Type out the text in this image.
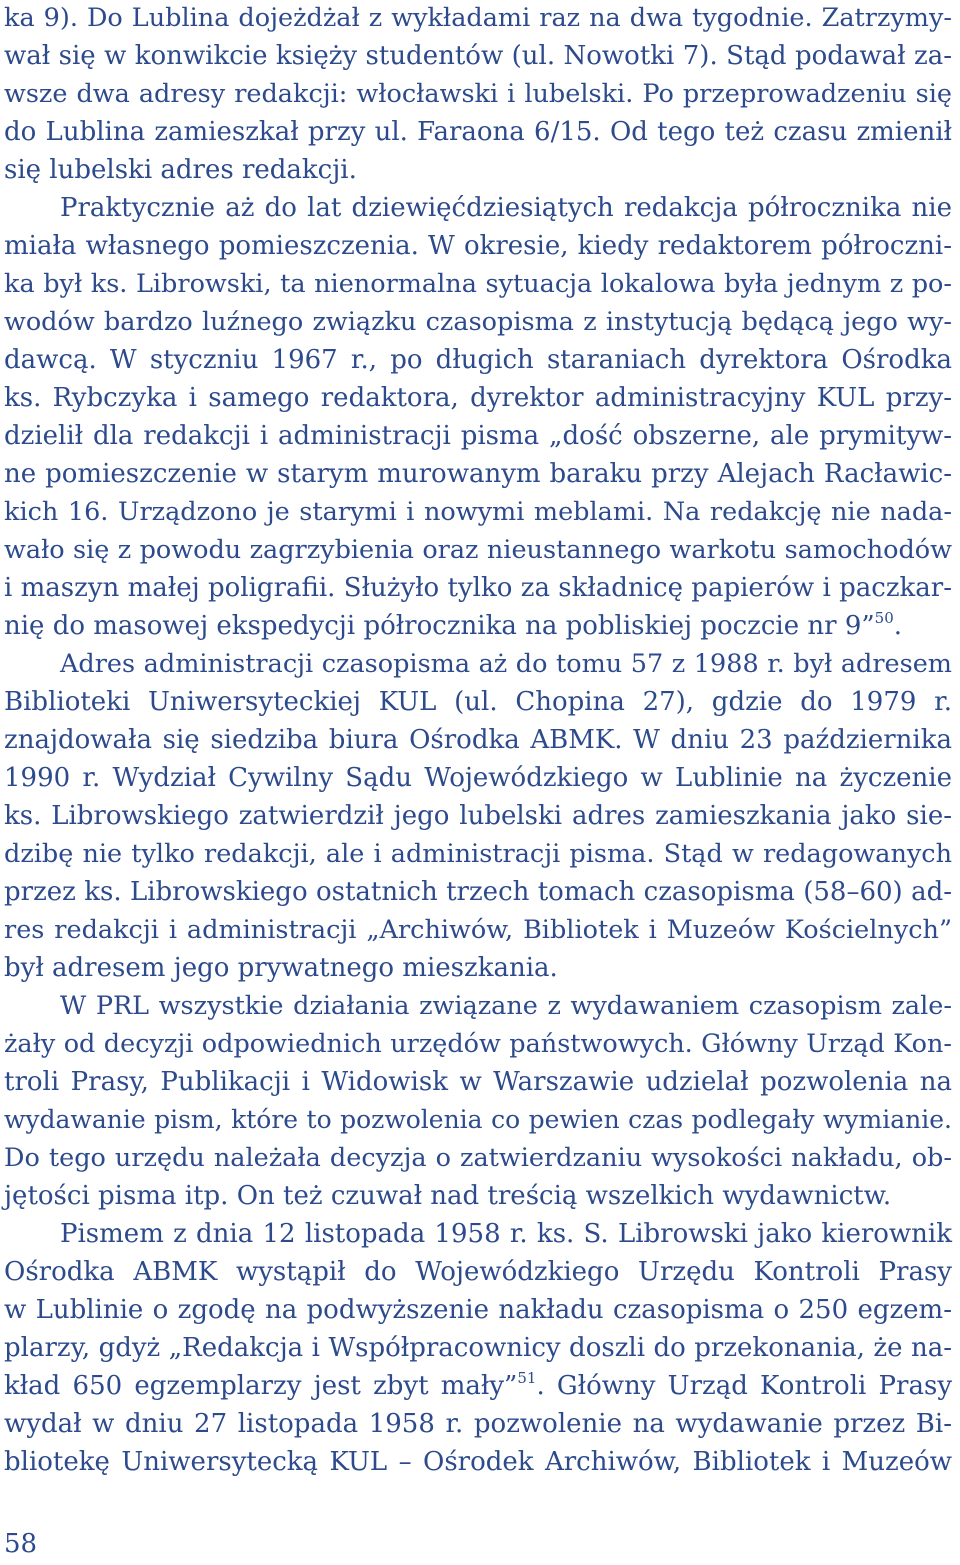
ka 9). Do Lublina dojeżdżał z wykładami raz na dwa tygodnie. Zatrzymy-
wał się w konwikcie księży studentów (ul. Nowotki 7). Stąd podawał za-
wsze dwa adresy redakcji: włocławski i lubelski. Po przeprowadzeniu się
do Lublina zamieszkał przy ul. Faraona 6/15. Od tego też czasu zmienił
się lubelski adres redakcji.
Praktycznie aż do lat dziewięćdziesiątych redakcja półrocznika nie
miała własnego pomieszczenia. W okresie, kiedy redaktorem półroczni-
ka był ks. Librowski, ta nienormalna sytuacja lokalowa była jednym z po-
wodów bardzo luźnego związku czasopisma z instytucją będącą jego wy-
dawcą. W styczniu 1967 r., po długich staraniach dyrektora Ośrodka
ks. Rybczyka i samego redaktora, dyrektor administracyjny KUL przy-
dzielił dla redakcji i administracji pisma „dość obszerne, ale prymityw-
ne pomieszczenie w starym murowanym baraku przy Alejach Racławic-
kich 16. Urządzono je starymi i nowymi meblami. Na redakcję nie nada-
wało się z powodu zagrzybienia oraz nieustannego warkotu samochodów
i maszyn małej poligrafii. Służyło tylko za składnicę papierów i paczkar-
nię do masowej ekspedycji półrocznika na pobliskiej poczcie nr 9”$^{50}$.
Adres administracji czasopisma aż do tomu 57 z 1988 r. był adresem
Biblioteki Uniwersyteckiej KUL (ul. Chopina 27), gdzie do 1979 r.
znajdowała się siedziba biura Ośrodka ABMK. W dniu 23 października
1990 r. Wydział Cywilny Sądu Wojewódzkiego w Lublinie na życzenie
ks. Librowskiego zatwierdził jego lubelski adres zamieszkania jako sie-
dzibę nie tylko redakcji, ale i administracji pisma. Stąd w redagowanych
przez ks. Librowskiego ostatnich trzech tomach czasopisma (58–60) ad-
res redakcji i administracji „Archiwów, Bibliotek i Muzeów Kościelnych”
był adresem jego prywatnego mieszkania.
W PRL wszystkie działania związane z wydawaniem czasopism zale-
żały od decyzji odpowiednich urzędów państwowych. Główny Urząd Kon-
troli Prasy, Publikacji i Widowisk w Warszawie udzielał pozwolenia na
wydawanie pism, które to pozwolenia co pewien czas podlegały wymianie.
Do tego urzędu należała decyzja o zatwierdzaniu wysokości nakładu, ob-
jętości pisma itp. On też czuwał nad treścią wszelkich wydawnictw.
Pismem z dnia 12 listopada 1958 r. ks. S. Librowski jako kierownik
Ośrodka ABMK wystąpił do Wojewódzkiego Urzędu Kontroli Prasy
w Lublinie o zgodę na podwyższenie nakładu czasopisma o 250 egzem-
plarzy, gdyż „Redakcja i Współpracownicy doszli do przekonania, że na-
kład 650 egzemplarzy jest zbyt mały”$^{51}$. Główny Urząd Kontroli Prasy
wydał w dniu 27 listopada 1958 r. pozwolenie na wydawanie przez Bi-
bliotekę Uniwersytecką KUL – Ośrodek Archiwów, Bibliotek i Muzeów
58
